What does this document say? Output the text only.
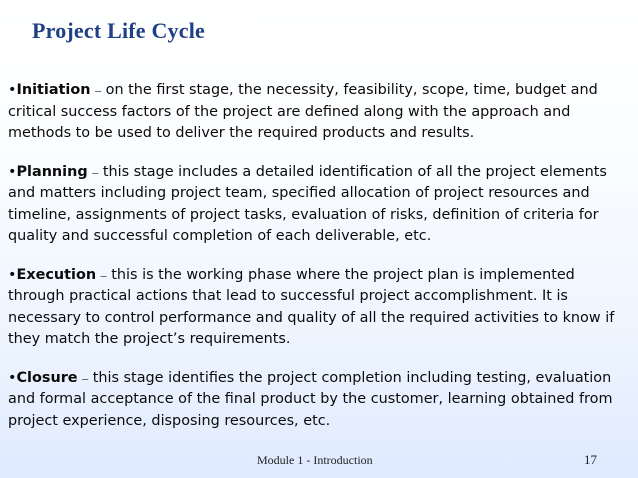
Project Life Cycle

•Initiation – on the first stage, the necessity, feasibility, scope, time, budget and critical success factors of the project are defined along with the approach and methods to be used to deliver the required products and results.

•Planning – this stage includes a detailed identification of all the project elements and matters including project team, specified allocation of project resources and timeline, assignments of project tasks, evaluation of risks, definition of criteria for quality and successful completion of each deliverable, etc.

•Execution – this is the working phase where the project plan is implemented through practical actions that lead to successful project accomplishment. It is necessary to control performance and quality of all the required activities to know if they match the project’s requirements.

•Closure – this stage identifies the project completion including testing, evaluation and formal acceptance of the final product by the customer, learning obtained from project experience, disposing resources, etc.

Module 1 - Introduction	17
